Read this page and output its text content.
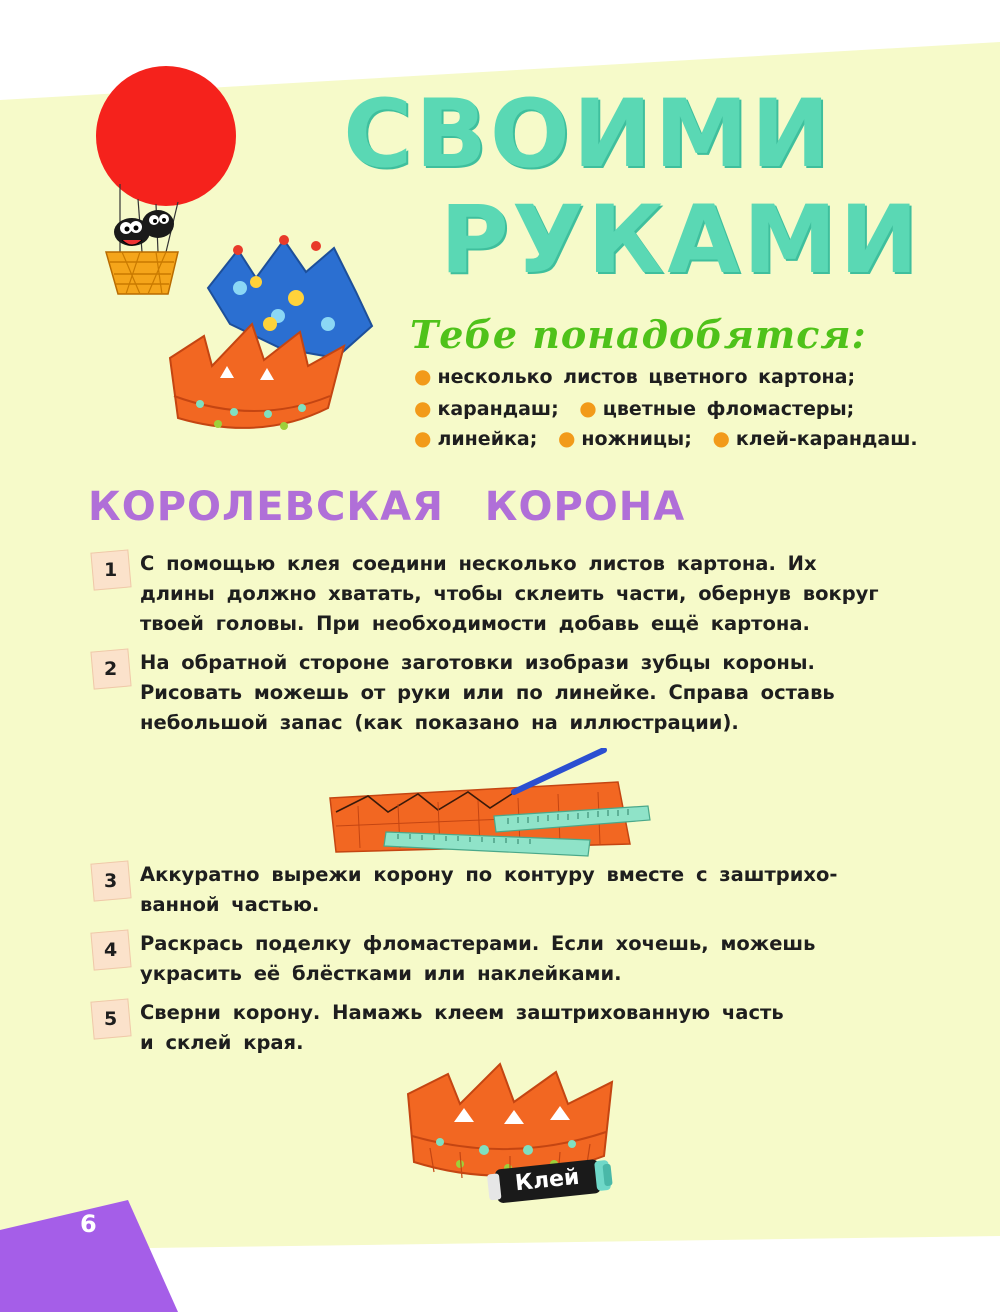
СВОИМИ
РУКАМИ
Тебе понадобятся:

● несколько листов цветного картона;

● карандаш; ● цветные фломастеры;

● линейка; ● ножницы; ● клей-карандаш.

КОРОЛЕВСКАЯ КОРОНА
1 С помощью клея соедини несколько листов картона. Их
длины должно хватать, чтобы склеить части, обернув вокруг
твоей головы. При необходимости добавь ещё картона.

2 На обратной стороне заготовки изобрази зубцы короны.
Рисовать можешь от руки или по линейке. Справа оставь
небольшой запас (как показано на иллюстрации).

3 Аккуратно вырежи корону по контуру вместе с заштрихо-
ванной частью.

4 Раскрась поделку фломастерами. Если хочешь, можешь
украсить её блёстками или наклейками.

5 Сверни корону. Намажь клеем заштрихованную часть
и склей края.

Клей

6
